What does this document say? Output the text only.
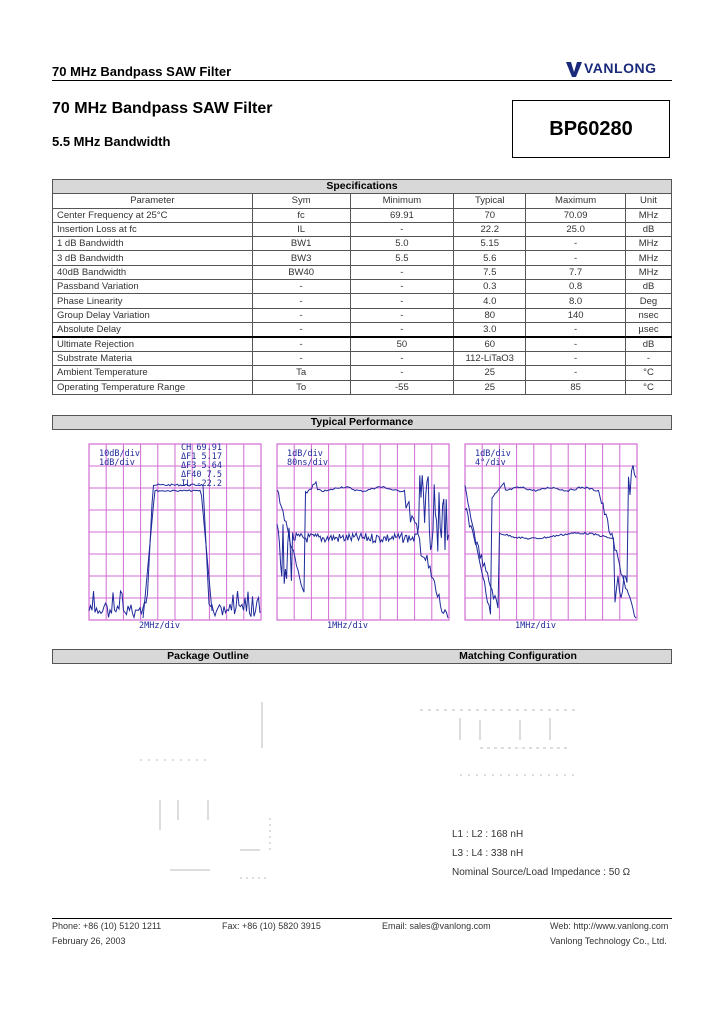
70 MHz Bandpass SAW Filter	VANLONG
70 MHz Bandpass SAW Filter
5.5 MHz Bandwidth
BP60280
Specifications					
Parameter	Sym	Minimum	Typical	Maximum	Unit
Center Frequency at 25°C	fc	69.91	70	70.09	MHz
Insertion Loss at fc	IL	-	22.2	25.0	dB
1 dB Bandwidth	BW1	5.0	5.15	-	MHz
3 dB Bandwidth	BW3	5.5	5.6	-	MHz
40dB Bandwidth	BW40	-	7.5	7.7	MHz
Passband Variation	-	-	0.3	0.8	dB
Phase Linearity	-	-	4.0	8.0	Deg
Group Delay Variation	-	-	80	140	nsec
Absolute Delay	-	-	3.0	-	µsec
Ultimate Rejection	-	50	60	-	dB
Substrate Materia	-	-	112-LiTaO3	-	-
Ambient Temperature	Ta	-	25	-	°C
Operating Temperature Range	To	-55	25	85	°C
Typical Performance
10dB/div
1dB/div
CH 69.91
ΔF1 5.17
ΔF3 5.64
ΔF40 7.5
IL -22.2
2MHz/div
1dB/div
80ns/div
1MHz/div
1dB/div
4°/div
1MHz/div
Package Outline	Matching Configuration
L1 : L2 : 168 nH
L3 : L4 : 338 nH
Nominal Source/Load Impedance : 50 Ω
Phone: +86 (10) 5120 1211	Fax: +86 (10) 5820 3915	Email: sales@vanlong.com	Web: http://www.vanlong.com
February 26, 2003	Vanlong Technology Co., Ltd.
